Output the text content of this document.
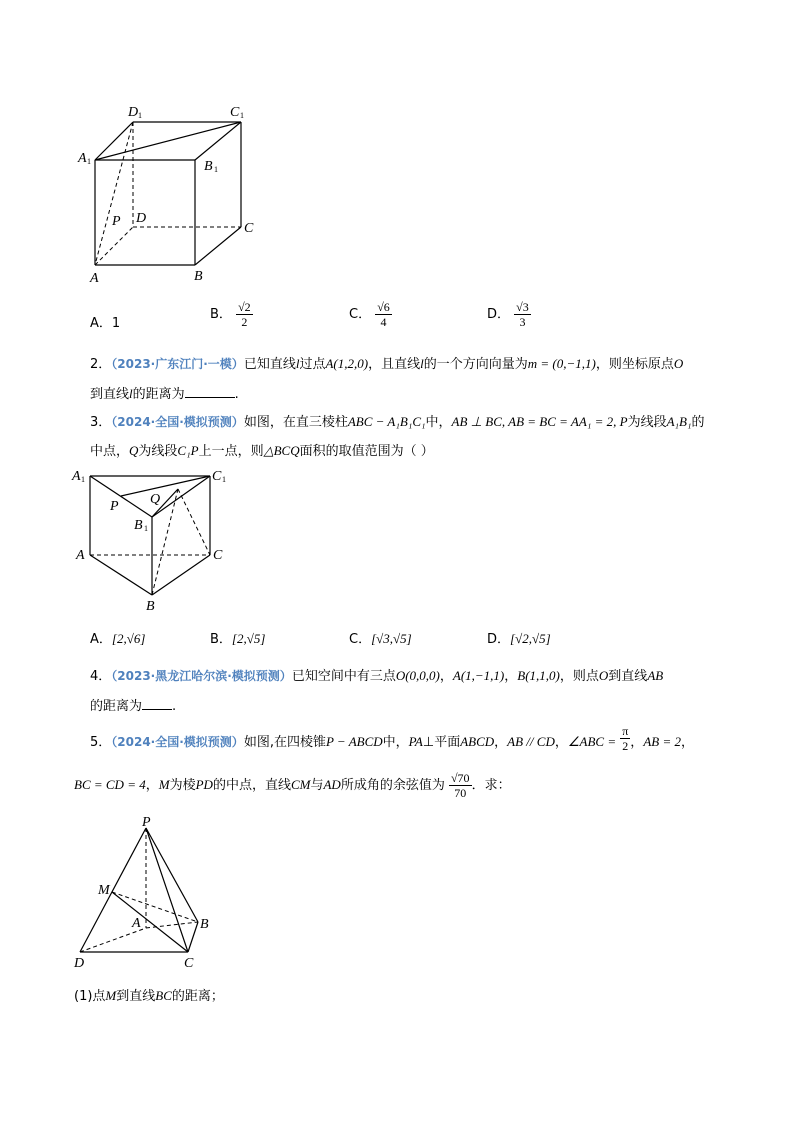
D 1	C 1
A 1	B 1
P D
C
A	B
A．1
B． $\frac{√2}{2}$	C． $\frac{√6}{4}$	D． $\frac{√3}{3}$
2．（2023·广东江门·一模）已知直线l过点A(1,2,0)，且直线l的一个方向向量为m = (0,−1,1)，则坐标原点O
到直线l的距离为	.
3．（2024·全国·模拟预测）如图，在直三棱柱ABC − A₁B₁C₁中，AB ⊥ BC, AB = BC = AA₁ = 2, P为线段A₁B₁的
中点，Q为线段C₁P上一点，则△BCQ面积的取值范围为（ ）
A 1	C 1
P Q
B 1
A	C
B
A．[2,√6]	B．[2,√5]	C．[√3,√5]	D．[√2,√5]
4．（2023·黑龙江哈尔滨·模拟预测）已知空间中有三点O(0,0,0)，A(1,−1,1)，B(1,1,0)，则点O到直线AB
的距离为 .
5．（2024·全国·模拟预测）如图,在四棱锥P − ABCD中，PA⊥平面ABCD，AB // CD，∠ABC = $\frac{\pi}{2}$ ，AB = 2，
BC = CD = 4，M为棱PD的中点，直线CM与AD所成角的余弦值为 $\frac{√70}{70}$ ．求：
P
M
A	B
D	C
(1)点M到直线BC的距离；
